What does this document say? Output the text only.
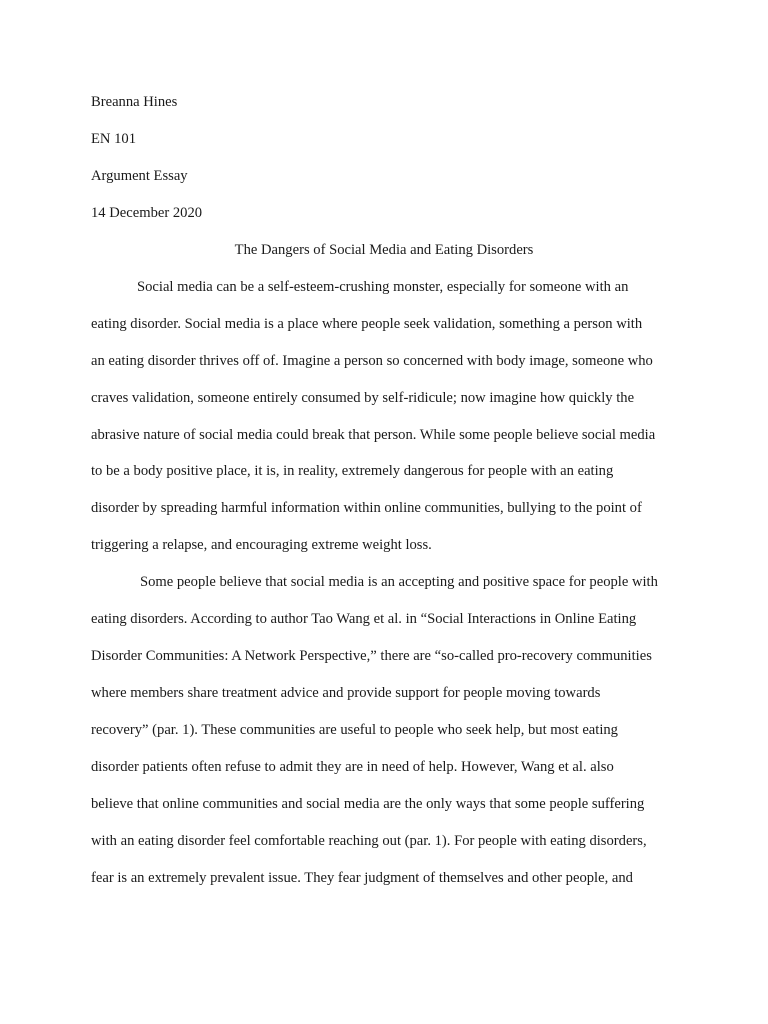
Breanna Hines
EN 101
Argument Essay
14 December 2020
The Dangers of Social Media and Eating Disorders
Social media can be a self-esteem-crushing monster, especially for someone with an
eating disorder. Social media is a place where people seek validation, something a person with
an eating disorder thrives off of. Imagine a person so concerned with body image, someone who
craves validation, someone entirely consumed by self-ridicule; now imagine how quickly the
abrasive nature of social media could break that person. While some people believe social media
to be a body positive place, it is, in reality, extremely dangerous for people with an eating
disorder by spreading harmful information within online communities, bullying to the point of
triggering a relapse, and encouraging extreme weight loss.
Some people believe that social media is an accepting and positive space for people with
eating disorders. According to author Tao Wang et al. in “Social Interactions in Online Eating
Disorder Communities: A Network Perspective,” there are “so-called pro-recovery communities
where members share treatment advice and provide support for people moving towards
recovery” (par. 1). These communities are useful to people who seek help, but most eating
disorder patients often refuse to admit they are in need of help. However, Wang et al. also
believe that online communities and social media are the only ways that some people suffering
with an eating disorder feel comfortable reaching out (par. 1). For people with eating disorders,
fear is an extremely prevalent issue. They fear judgment of themselves and other people, and
